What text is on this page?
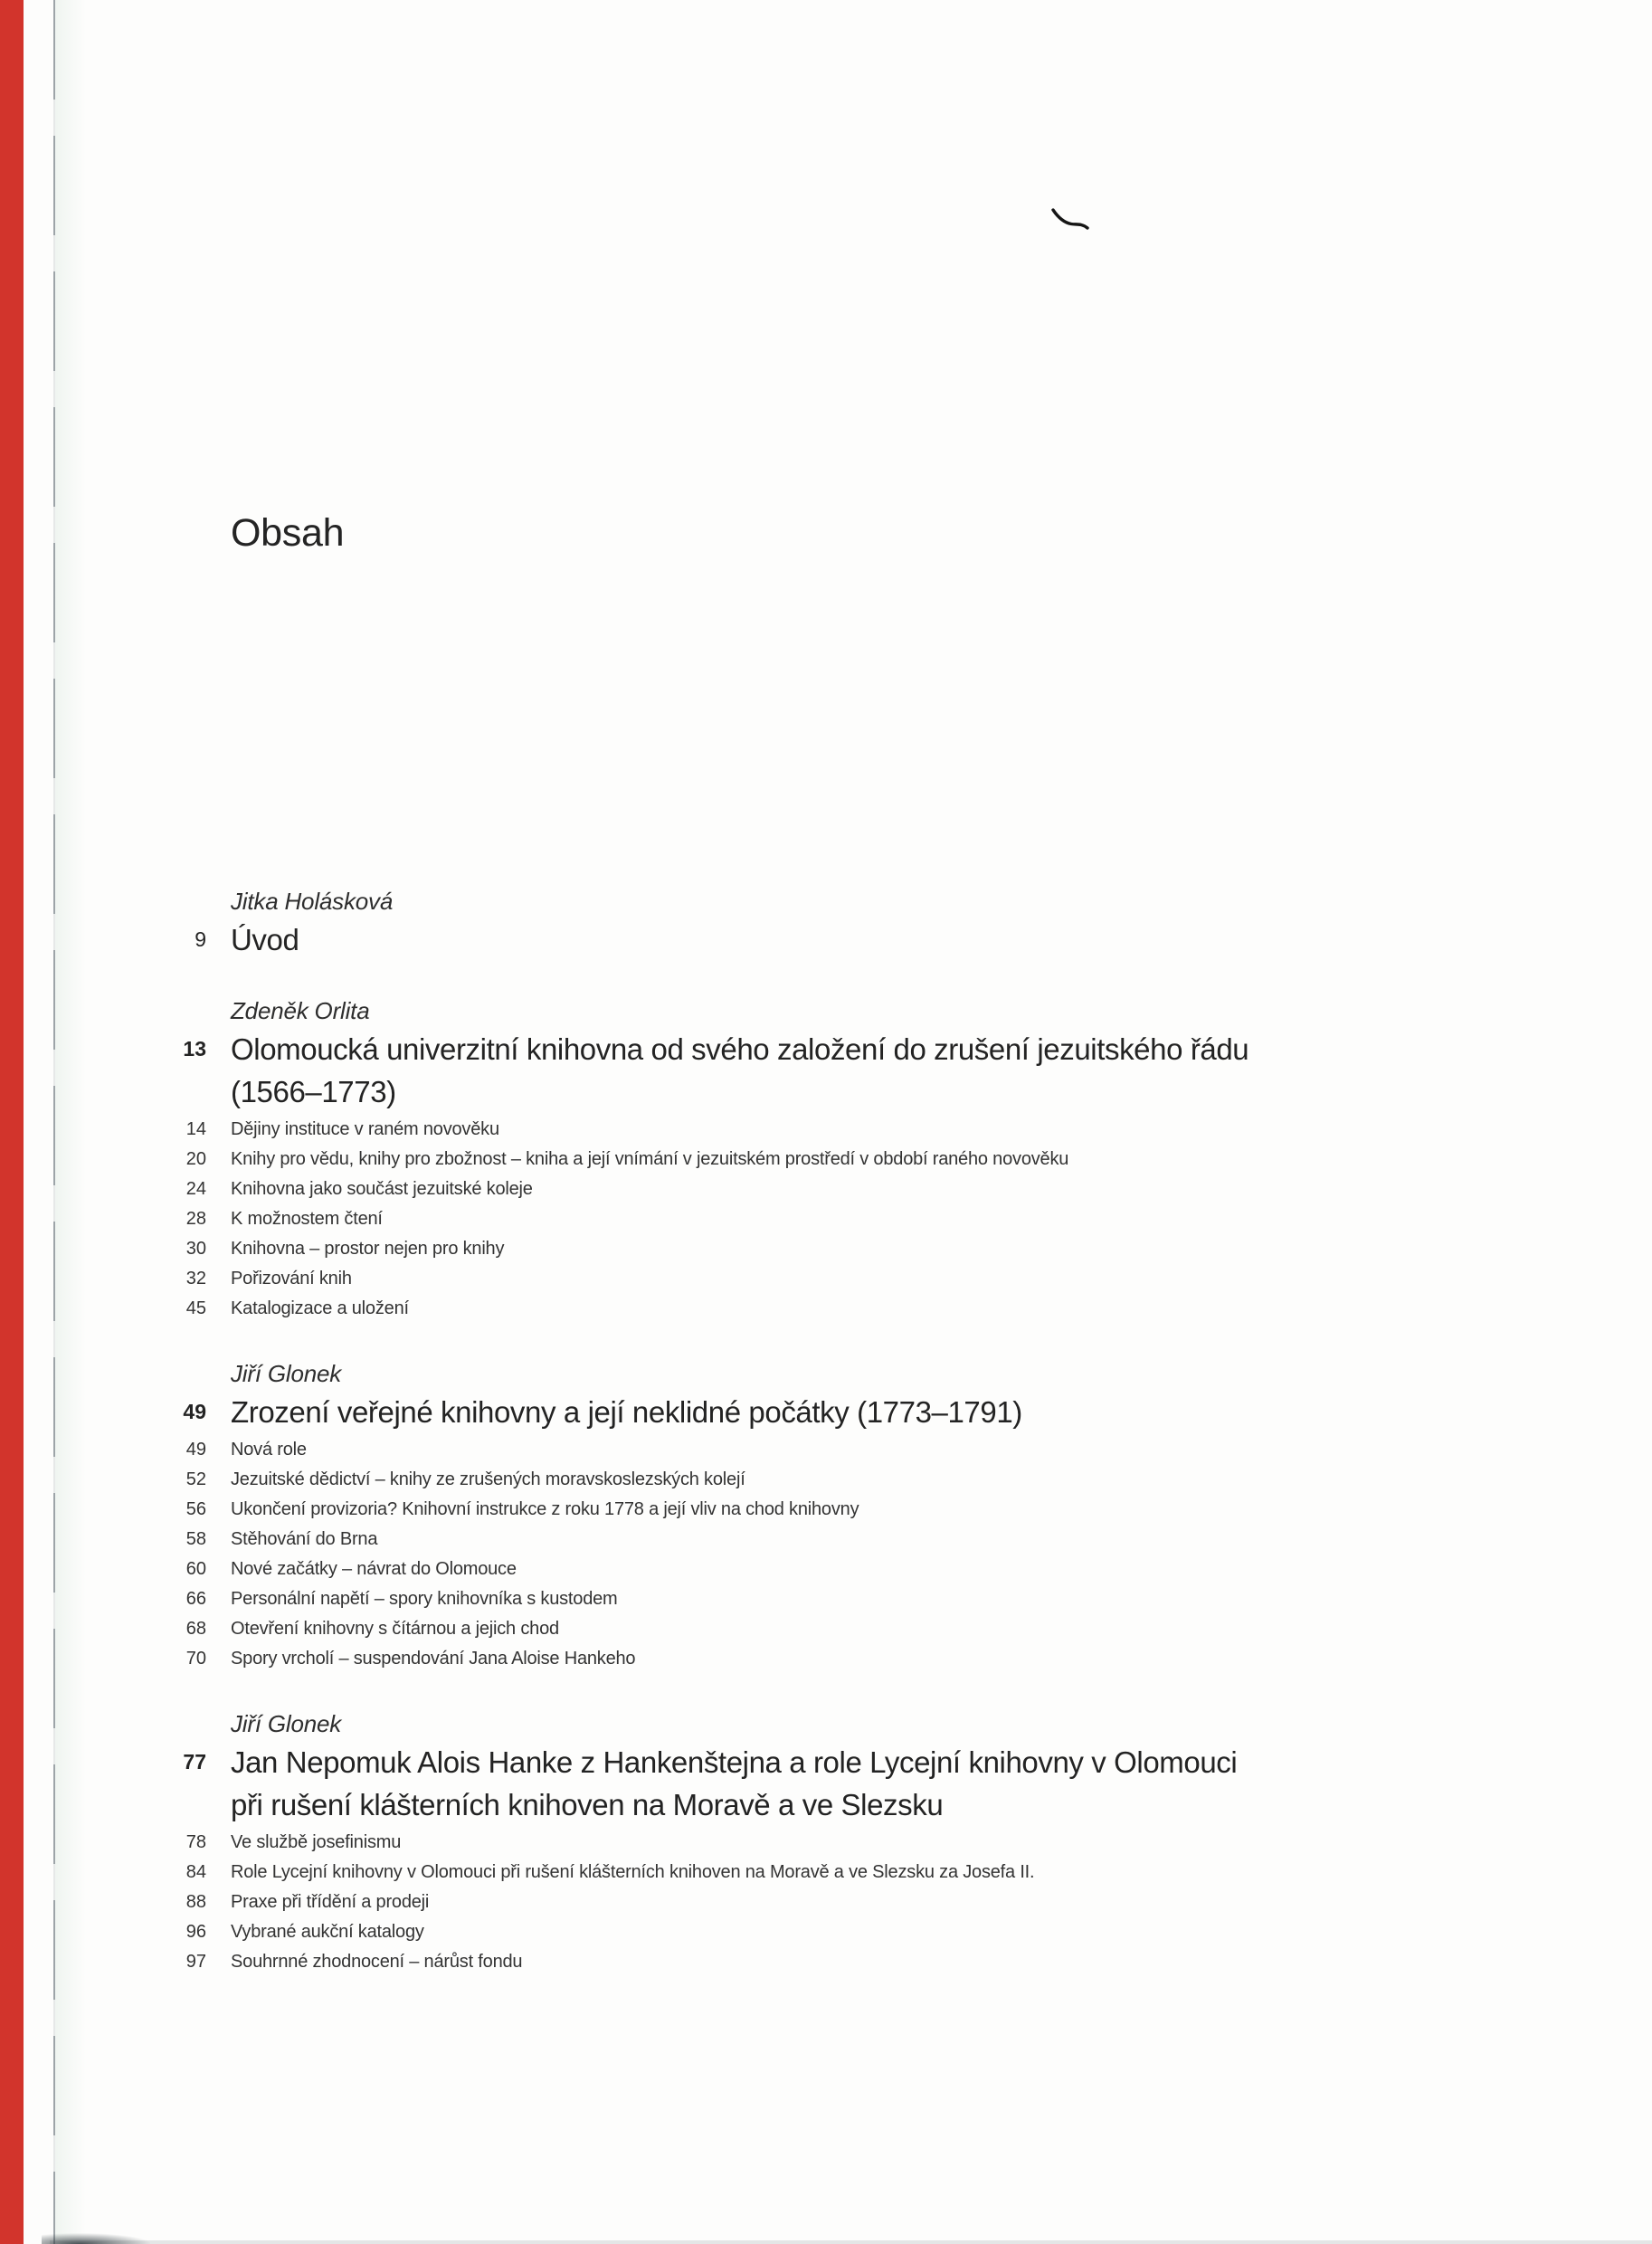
Obsah
Jitka Holásková
9 Úvod
Zdeněk Orlita
13 Olomoucká univerzitní knihovna od svého založení do zrušení jezuitského řádu
(1566–1773)
14 Dějiny instituce v raném novověku
20 Knihy pro vědu, knihy pro zbožnost – kniha a její vnímání v jezuitském prostředí v období raného novověku
24 Knihovna jako součást jezuitské koleje
28 K možnostem čtení
30 Knihovna – prostor nejen pro knihy
32 Pořizování knih
45 Katalogizace a uložení
Jiří Glonek
49 Zrození veřejné knihovny a její neklidné počátky (1773–1791)
49 Nová role
52 Jezuitské dědictví – knihy ze zrušených moravskoslezských kolejí
56 Ukončení provizoria? Knihovní instrukce z roku 1778 a její vliv na chod knihovny
58 Stěhování do Brna
60 Nové začátky – návrat do Olomouce
66 Personální napětí – spory knihovníka s kustodem
68 Otevření knihovny s čítárnou a jejich chod
70 Spory vrcholí – suspendování Jana Aloise Hankeho
Jiří Glonek
77 Jan Nepomuk Alois Hanke z Hankenštejna a role Lycejní knihovny v Olomouci
při rušení klášterních knihoven na Moravě a ve Slezsku
78 Ve službě josefinismu
84 Role Lycejní knihovny v Olomouci při rušení klášterních knihoven na Moravě a ve Slezsku za Josefa II.
88 Praxe při třídění a prodeji
96 Vybrané aukční katalogy
97 Souhrnné zhodnocení – nárůst fondu
